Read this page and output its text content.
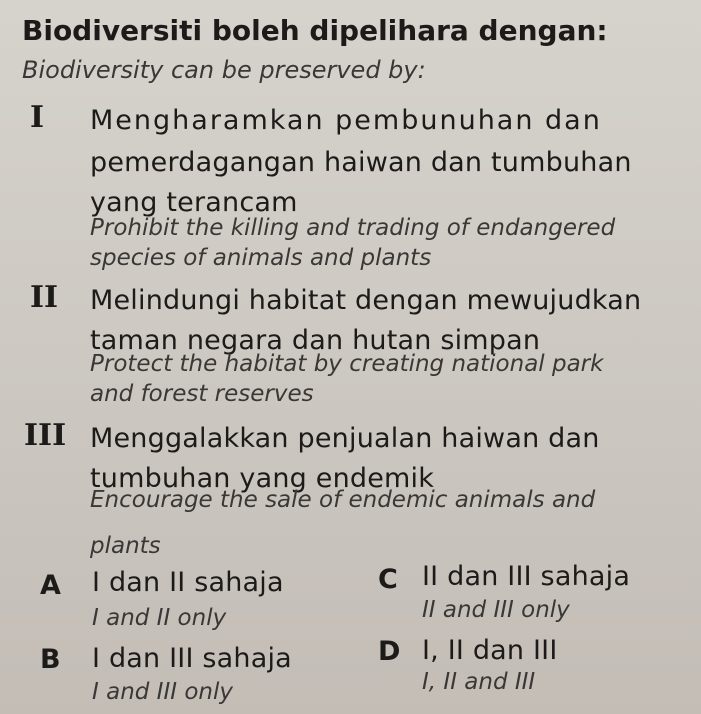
Biodiversiti boleh dipelihara dengan:
Biodiversity can be preserved by:
I Mengharamkan pembunuhan dan
pemerdagangan haiwan dan tumbuhan
yang terancam
Prohibit the killing and trading of endangered
species of animals and plants
II Melindungi habitat dengan mewujudkan
taman negara dan hutan simpan
Protect the habitat by creating national park
and forest reserves
III Menggalakkan penjualan haiwan dan
tumbuhan yang endemik
Encourage the sale of endemic animals and
plants
A I dan II sahaja
I and II only
B I dan III sahaja
I and III only
C II dan III sahaja
II and III only
D I, II dan III
I, II and III
